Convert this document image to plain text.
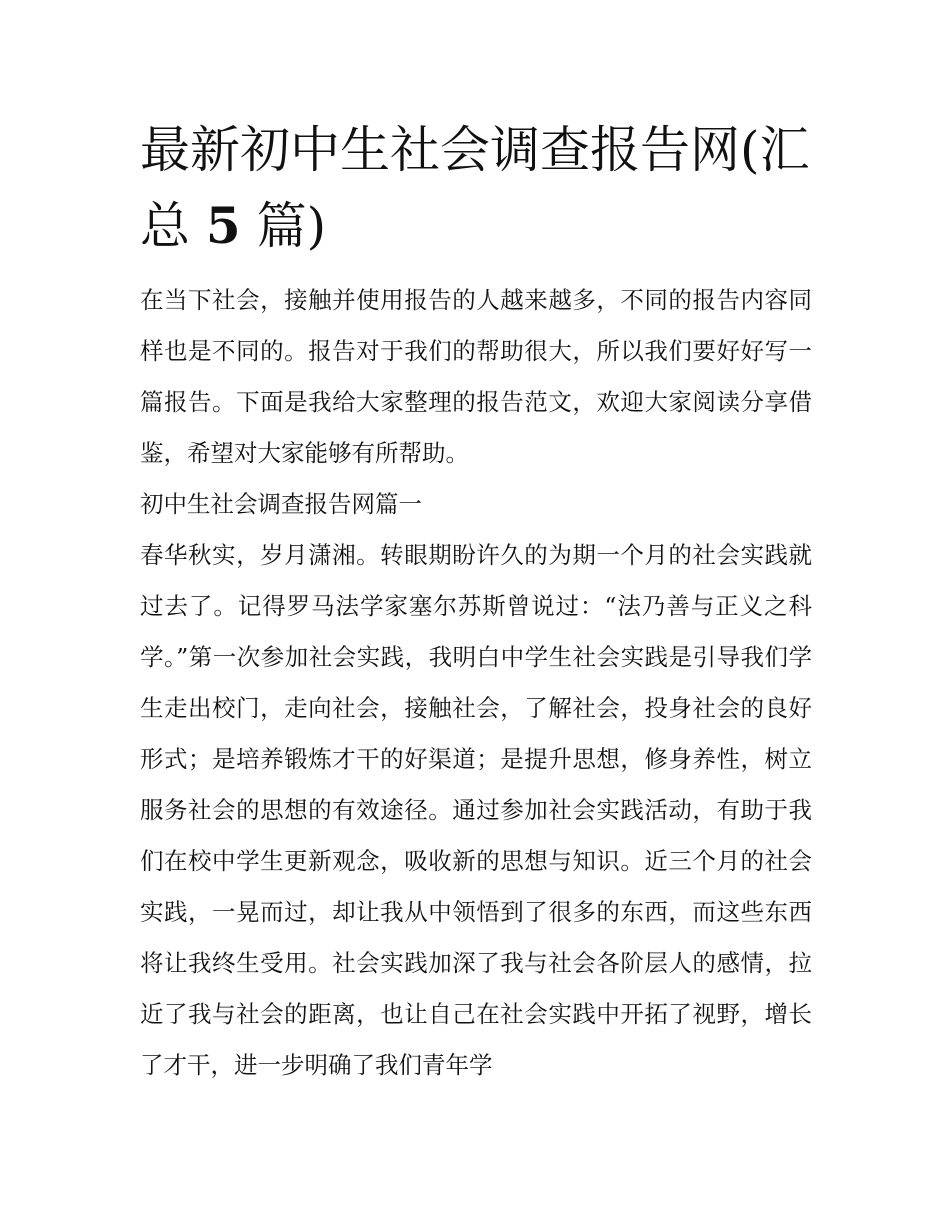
最新初中生社会调查报告网(汇总 5 篇)

在当下社会，接触并使用报告的人越来越多，不同的报告内容同样也是不同的。报告对于我们的帮助很大，所以我们要好好写一篇报告。下面是我给大家整理的报告范文，欢迎大家阅读分享借鉴，希望对大家能够有所帮助。

初中生社会调查报告网篇一

春华秋实，岁月潇湘。转眼期盼许久的为期一个月的社会实践就过去了。记得罗马法学家塞尔苏斯曾说过：“法乃善与正义之科学。”第一次参加社会实践，我明白中学生社会实践是引导我们学生走出校门，走向社会，接触社会，了解社会，投身社会的良好形式；是培养锻炼才干的好渠道；是提升思想，修身养性，树立服务社会的思想的有效途径。通过参加社会实践活动，有助于我们在校中学生更新观念，吸收新的思想与知识。近三个月的社会实践，一晃而过，却让我从中领悟到了很多的东西，而这些东西将让我终生受用。社会实践加深了我与社会各阶层人的感情，拉近了我与社会的距离，也让自己在社会实践中开拓了视野，增长了才干，进一步明确了我们青年学
